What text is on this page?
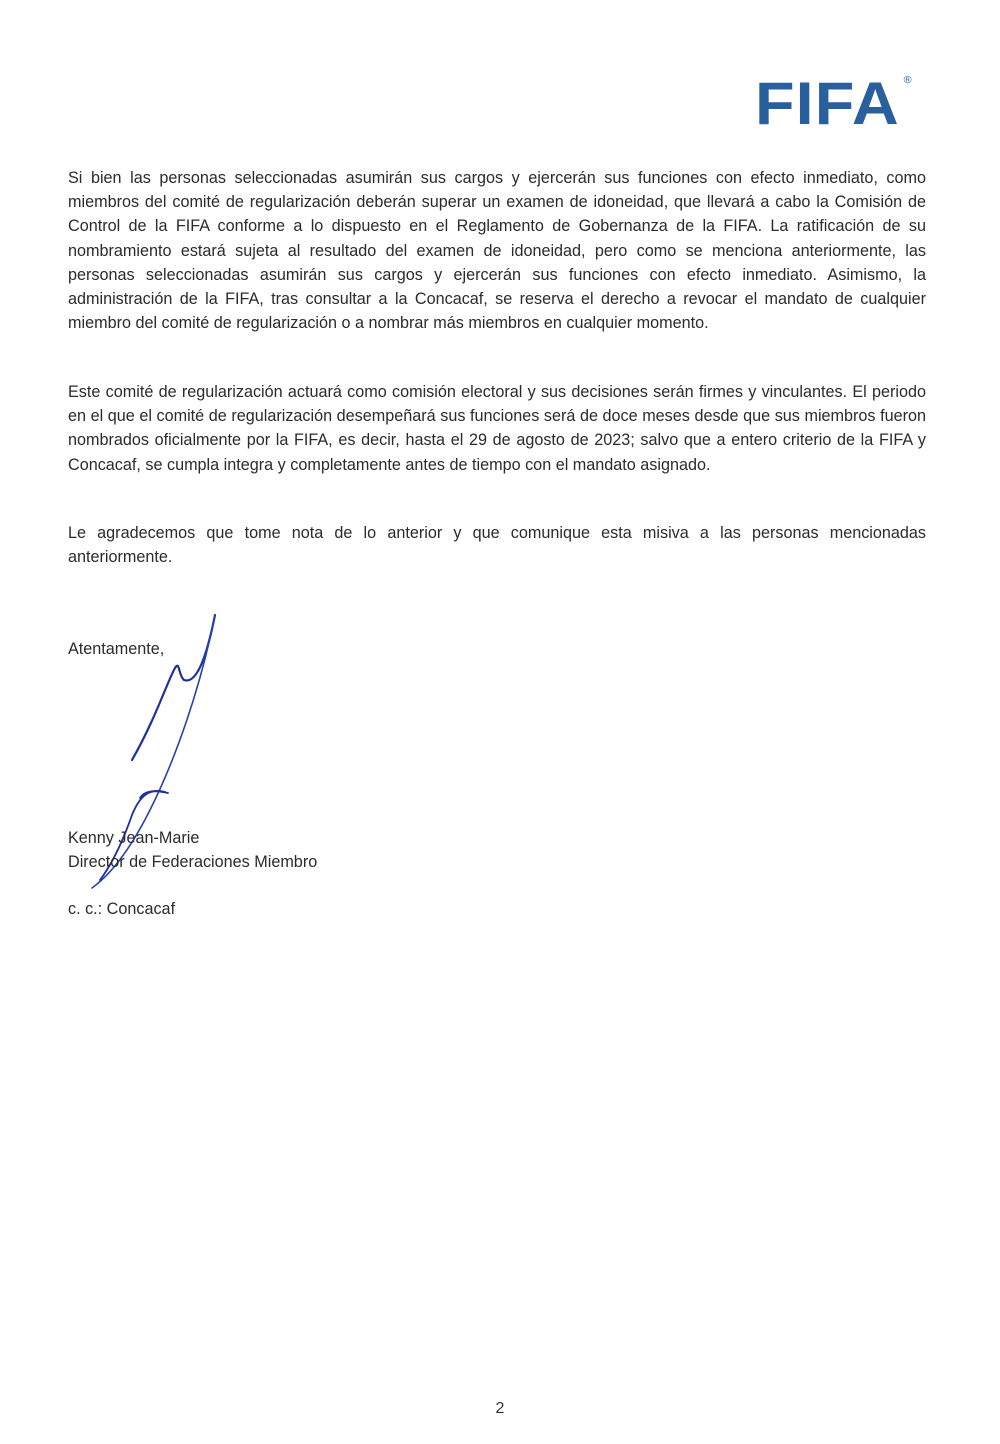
FIFA ®

Si bien las personas seleccionadas asumirán sus cargos y ejercerán sus funciones con efecto inmediato, como miembros del comité de regularización deberán superar un examen de idoneidad, que llevará a cabo la Comisión de Control de la FIFA conforme a lo dispuesto en el Reglamento de Gobernanza de la FIFA. La ratificación de su nombramiento estará sujeta al resultado del examen de idoneidad, pero como se menciona anteriormente, las personas seleccionadas asumirán sus cargos y ejercerán sus funciones con efecto inmediato. Asimismo, la administración de la FIFA, tras consultar a la Concacaf, se reserva el derecho a revocar el mandato de cualquier miembro del comité de regularización o a nombrar más miembros en cualquier momento.

Este comité de regularización actuará como comisión electoral y sus decisiones serán firmes y vinculantes. El periodo en el que el comité de regularización desempeñará sus funciones será de doce meses desde que sus miembros fueron nombrados oficialmente por la FIFA, es decir, hasta el 29 de agosto de 2023; salvo que a entero criterio de la FIFA y Concacaf, se cumpla integra y completamente antes de tiempo con el mandato asignado.

Le agradecemos que tome nota de lo anterior y que comunique esta misiva a las personas mencionadas anteriormente.

Atentamente,

Kenny Jean-Marie

Director de Federaciones Miembro

c. c.: Concacaf

2
